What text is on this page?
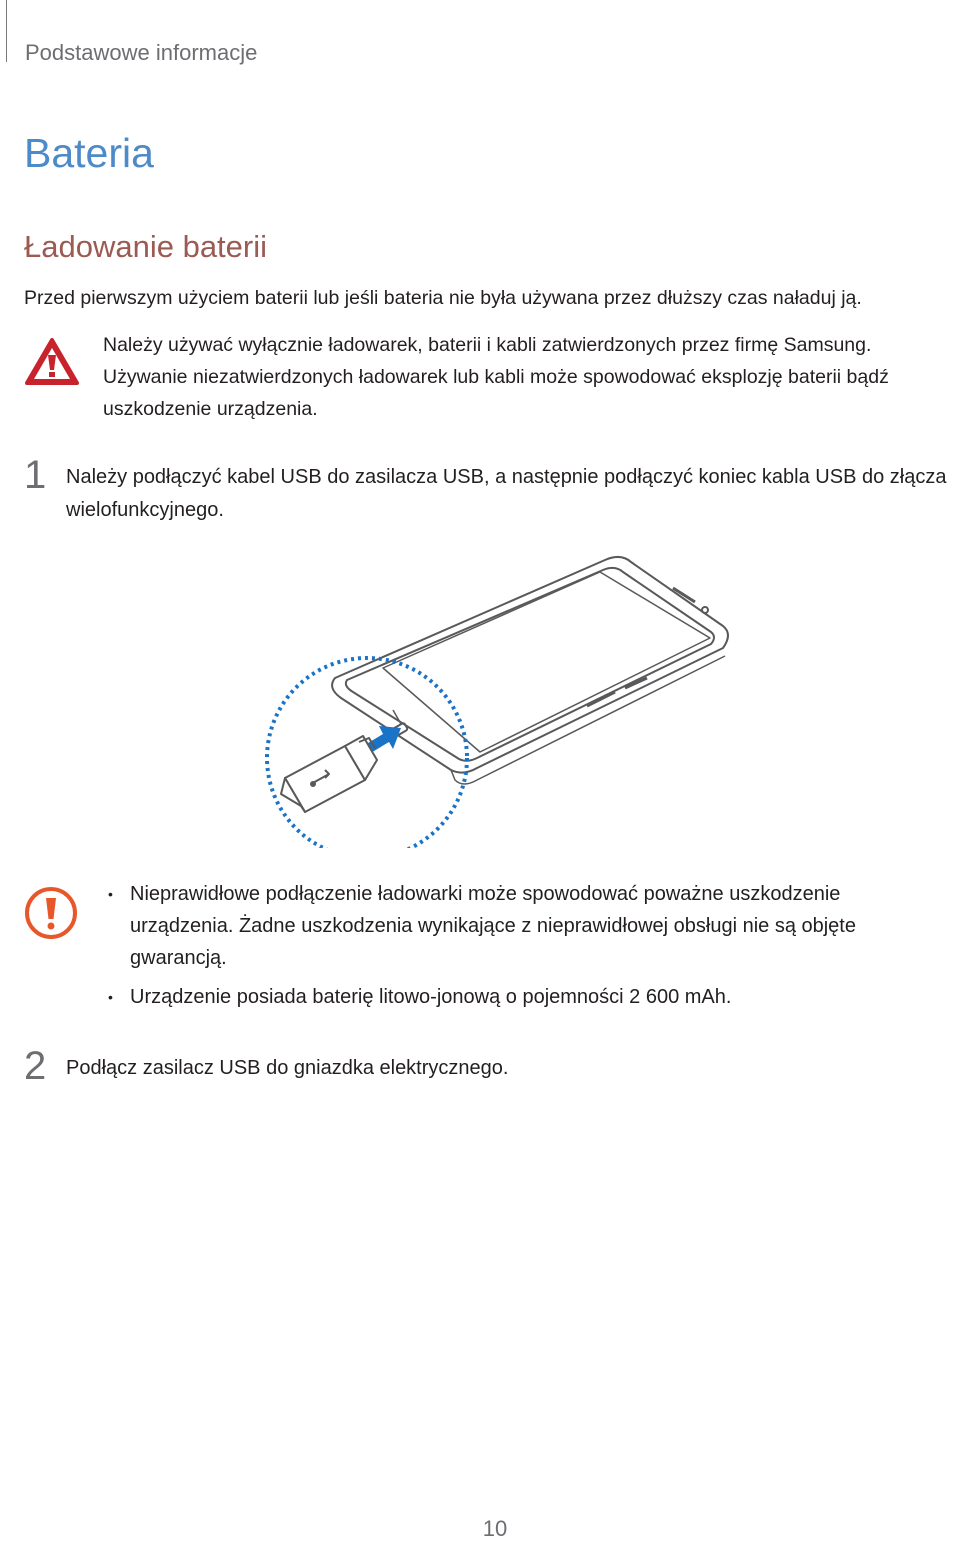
Podstawowe informacje
Bateria
Ładowanie baterii
Przed pierwszym użyciem baterii lub jeśli bateria nie była używana przez dłuższy czas naładuj ją.
Należy używać wyłącznie ładowarek, baterii i kabli zatwierdzonych przez firmę Samsung. Używanie niezatwierdzonych ładowarek lub kabli może spowodować eksplozję baterii bądź uszkodzenie urządzenia.
1 Należy podłączyć kabel USB do zasilacza USB, a następnie podłączyć koniec kabla USB do złącza wielofunkcyjnego.
• Nieprawidłowe podłączenie ładowarki może spowodować poważne uszkodzenie urządzenia. Żadne uszkodzenia wynikające z nieprawidłowej obsługi nie są objęte gwarancją.
• Urządzenie posiada baterię litowo-jonową o pojemności 2 600 mAh.
2 Podłącz zasilacz USB do gniazdka elektrycznego.
10
